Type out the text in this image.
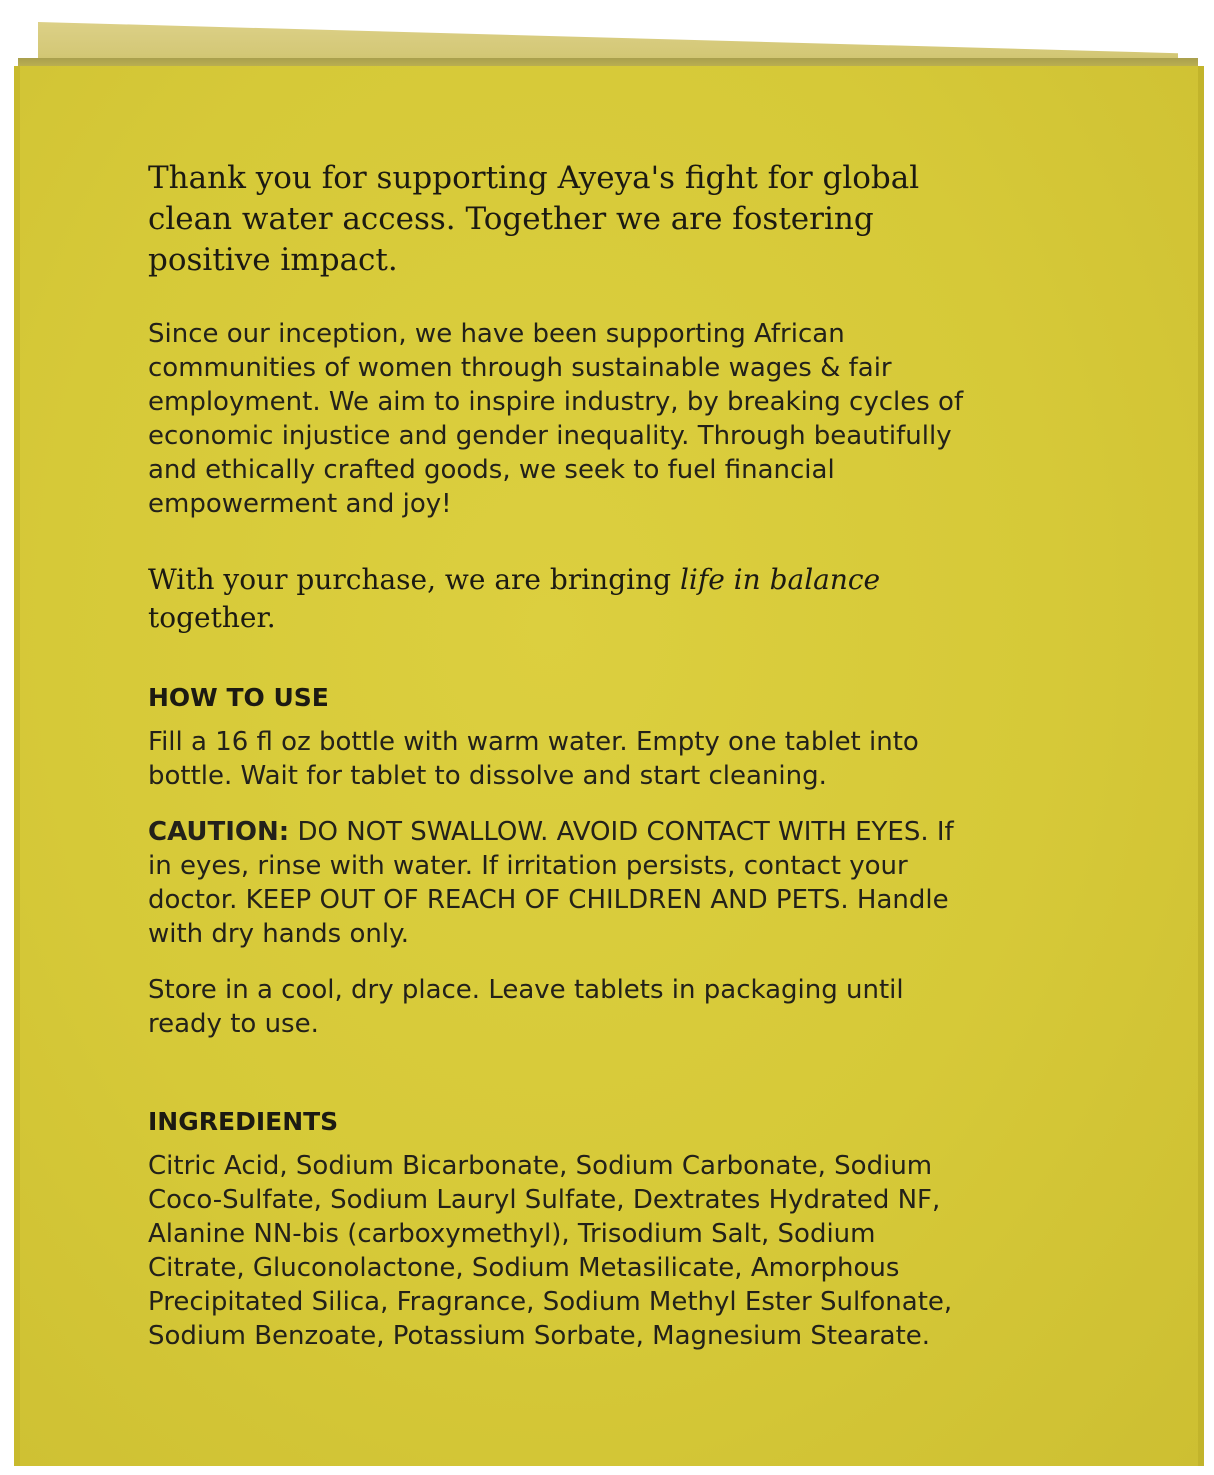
Thank you for supporting Ayeya's fight for global clean water access. Together we are fostering positive impact.

Since our inception, we have been supporting African communities of women through sustainable wages & fair employment. We aim to inspire industry, by breaking cycles of economic injustice and gender inequality. Through beautifully and ethically crafted goods, we seek to fuel financial empowerment and joy!

With your purchase, we are bringing life in balance together.

HOW TO USE

Fill a 16 fl oz bottle with warm water. Empty one tablet into bottle. Wait for tablet to dissolve and start cleaning.

CAUTION: DO NOT SWALLOW. AVOID CONTACT WITH EYES. If in eyes, rinse with water. If irritation persists, contact your doctor. KEEP OUT OF REACH OF CHILDREN AND PETS. Handle with dry hands only.

Store in a cool, dry place. Leave tablets in packaging until ready to use.

INGREDIENTS

Citric Acid, Sodium Bicarbonate, Sodium Carbonate, Sodium Coco-Sulfate, Sodium Lauryl Sulfate, Dextrates Hydrated NF, Alanine NN-bis (carboxymethyl), Trisodium Salt, Sodium Citrate, Gluconolactone, Sodium Metasilicate, Amorphous Precipitated Silica, Fragrance, Sodium Methyl Ester Sulfonate, Sodium Benzoate, Potassium Sorbate, Magnesium Stearate.
